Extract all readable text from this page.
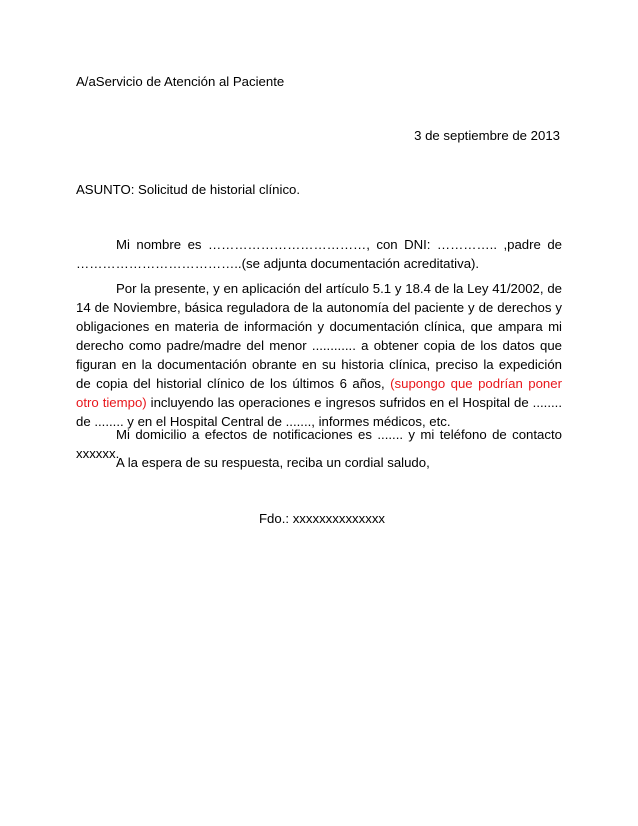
A/aServicio de Atención al Paciente
3 de septiembre de 2013
ASUNTO: Solicitud de historial clínico.
Mi nombre es ………………………………, con DNI: ………….. ,padre de ………………………………..(se adjunta documentación acreditativa).
Por la presente, y en aplicación del artículo 5.1 y 18.4 de la Ley 41/2002, de 14 de Noviembre, básica reguladora de la autonomía del paciente y de derechos y obligaciones en materia de información y documentación clínica, que ampara mi derecho como padre/madre del menor ............ a obtener copia de los datos que figuran en la documentación obrante en su historia clínica, preciso la expedición de copia del historial clínico de los últimos 6 años, (supongo que podrían poner otro tiempo) incluyendo las operaciones e ingresos sufridos en el Hospital de ........ de ........ y en el Hospital Central de ......., informes médicos, etc.
Mi domicilio a efectos de notificaciones es ....... y mi teléfono de contacto xxxxxx.
A la espera de su respuesta, reciba un cordial saludo,
Fdo.: xxxxxxxxxxxxxx
